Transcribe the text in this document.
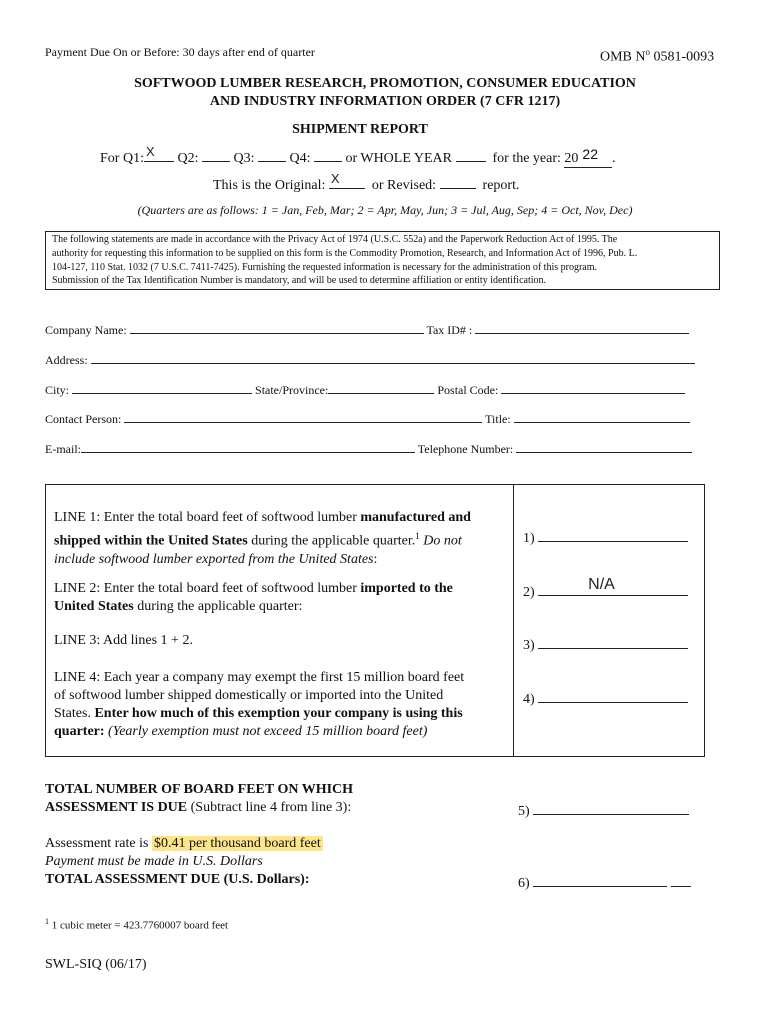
Payment Due On or Before: 30 days after end of quarter	OMB $N^o$ 0581-0093
SOFTWOOD LUMBER RESEARCH, PROMOTION, CONSUMER EDUCATION
AND INDUSTRY INFORMATION ORDER (7 CFR 1217)
SHIPMENT REPORT
For Q1: X Q2:	Q3:	Q4:	or WHOLE YEAR	for the year: 20 22 .
This is the Original: X or Revised:	report.
(Quarters are as follows: 1 = Jan, Feb, Mar; 2 = Apr, May, Jun; 3 = Jul, Aug, Sep; 4 = Oct, Nov, Dec)
The following statements are made in accordance with the Privacy Act of 1974 (U.S.C. 552a) and the Paperwork Reduction Act of 1995. The
authority for requesting this information to be supplied on this form is the Commodity Promotion, Research, and Information Act of 1996, Pub. L.
104-127, 110 Stat. 1032 (7 U.S.C. 7411-7425). Furnishing the requested information is necessary for the administration of this program.
Submission of the Tax Identification Number is mandatory, and will be used to determine affiliation or entity identification.
Company Name:	Tax ID# :
Address:
City:	State/Province:	Postal Code:
Contact Person:	Title:
E-mail:	Telephone Number:
LINE 1: Enter the total board feet of softwood lumber manufactured and
shipped within the United States during the applicable quarter.$^1$ Do not
include softwood lumber exported from the United States:
LINE 2: Enter the total board feet of softwood lumber imported to the
United States during the applicable quarter:
LINE 3: Add lines 1 + 2.
LINE 4: Each year a company may exempt the first 15 million board feet
of softwood lumber shipped domestically or imported into the United
States. Enter how much of this exemption your company is using this
quarter: (Yearly exemption must not exceed 15 million board feet)
1)
2)	N/A
3)
4)
TOTAL NUMBER OF BOARD FEET ON WHICH
ASSESSMENT IS DUE (Subtract line 4 from line 3):	5)
Assessment rate is $0.41 per thousand board feet
Payment must be made in U.S. Dollars
TOTAL ASSESSMENT DUE (U.S. Dollars):	6)
$^1$ 1 cubic meter = 423.7760007 board feet
SWL-SIQ (06/17)
